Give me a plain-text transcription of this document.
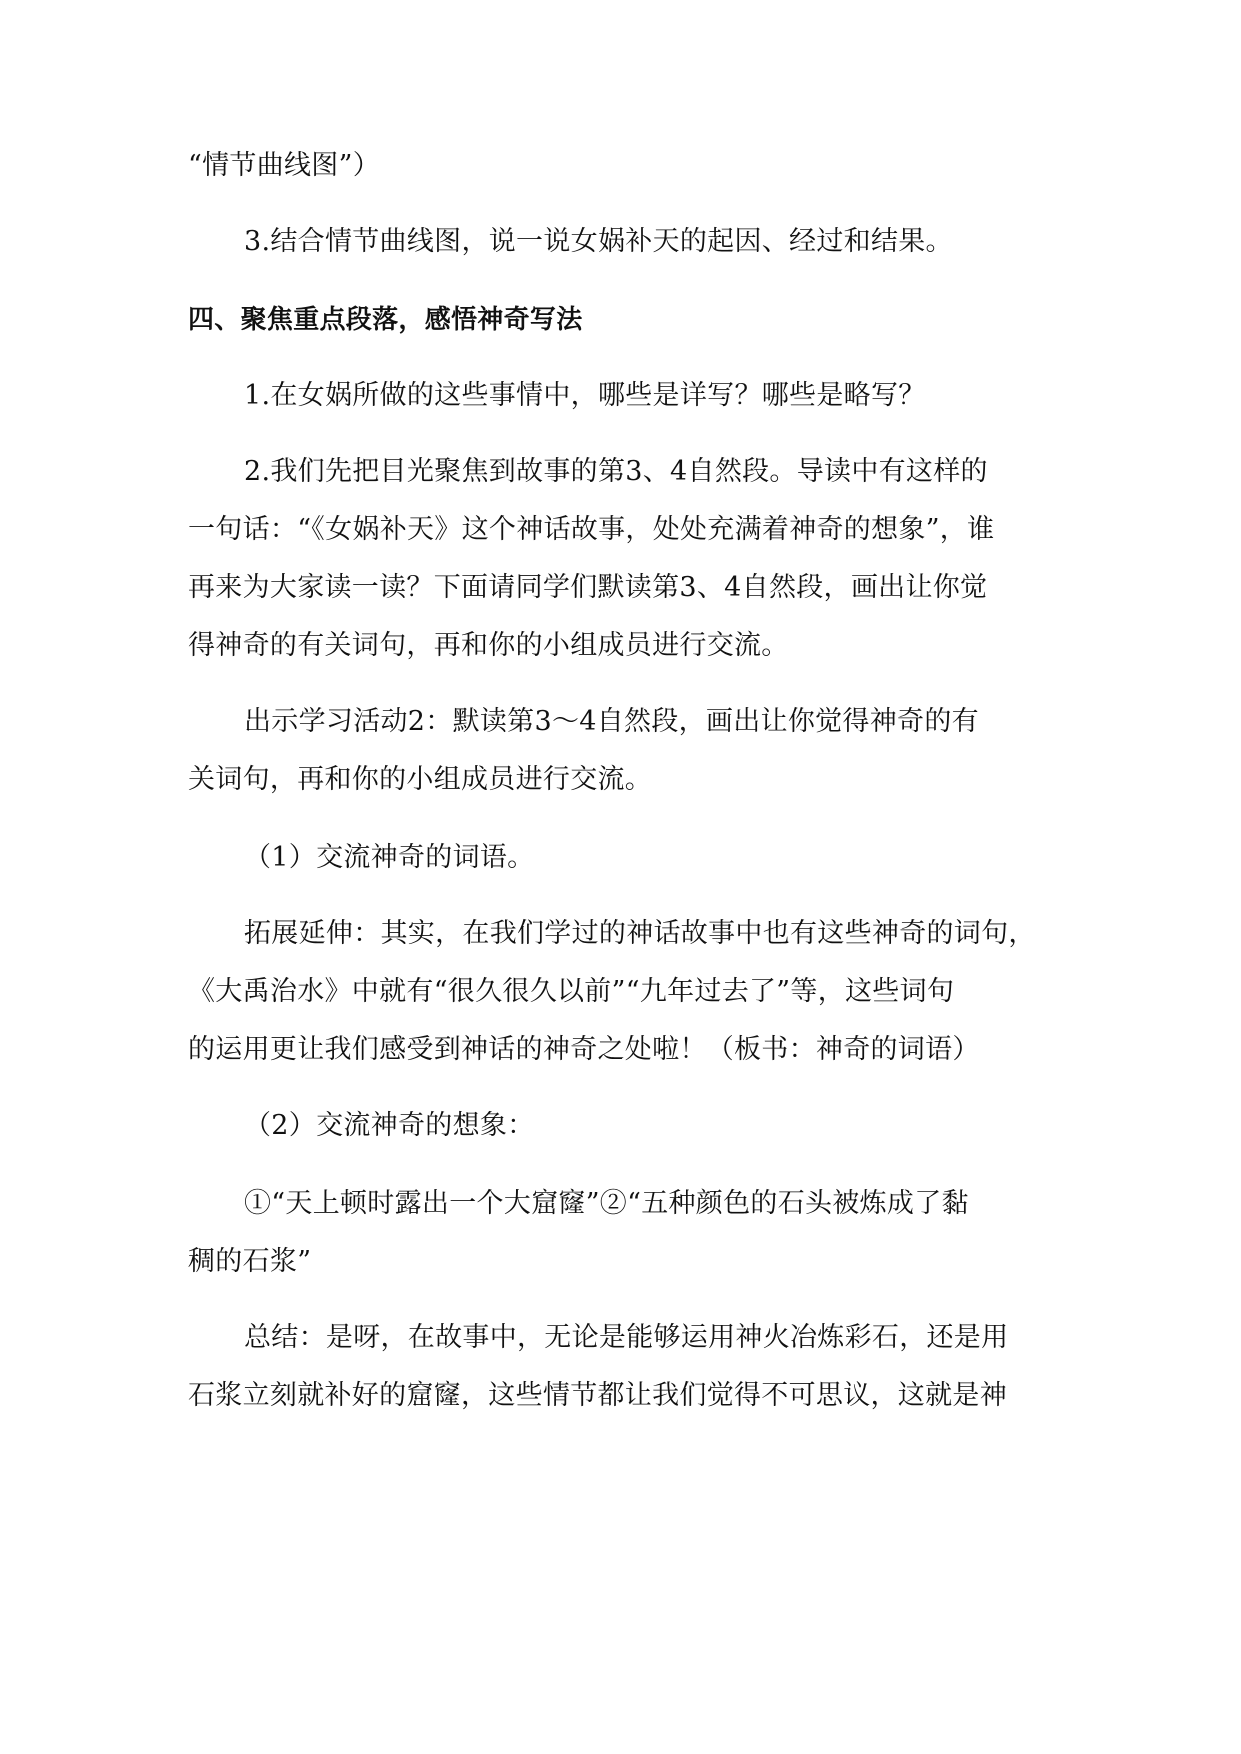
“情节曲线图”）
3.结合情节曲线图，说一说女娲补天的起因、经过和结果。
四、聚焦重点段落，感悟神奇写法
1.在女娲所做的这些事情中，哪些是详写？哪些是略写？
2.我们先把目光聚焦到故事的第3、4自然段。导读中有这样的
一句话：“《女娲补天》这个神话故事，处处充满着神奇的想象”，谁
再来为大家读一读？下面请同学们默读第3、4自然段，画出让你觉
得神奇的有关词句，再和你的小组成员进行交流。
出示学习活动2：默读第3～4自然段，画出让你觉得神奇的有
关词句，再和你的小组成员进行交流。
（1）交流神奇的词语。
拓展延伸：其实，在我们学过的神话故事中也有这些神奇的词句，
《大禹治水》中就有“很久很久以前”“九年过去了”等，这些词句
的运用更让我们感受到神话的神奇之处啦！（板书：神奇的词语）
（2）交流神奇的想象：
①“天上顿时露出一个大窟窿”②“五种颜色的石头被炼成了黏
稠的石浆”
总结：是呀，在故事中，无论是能够运用神火冶炼彩石，还是用
石浆立刻就补好的窟窿，这些情节都让我们觉得不可思议，这就是神
